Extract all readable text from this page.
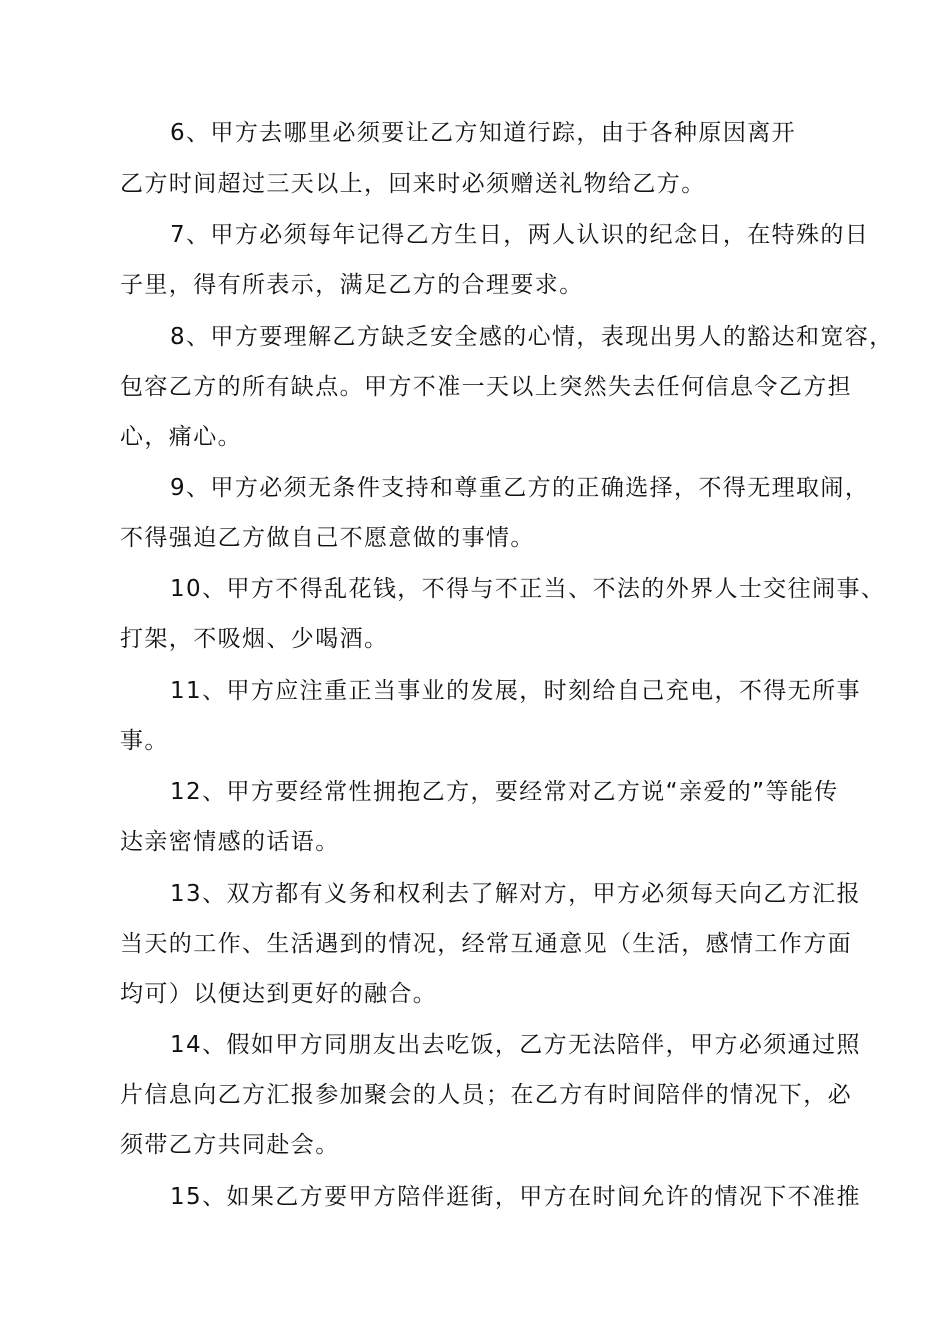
6、甲方去哪里必须要让乙方知道行踪，由于各种原因离开
乙方时间超过三天以上，回来时必须赠送礼物给乙方。
7、甲方必须每年记得乙方生日，两人认识的纪念日，在特殊的日
子里，得有所表示，满足乙方的合理要求。
8、甲方要理解乙方缺乏安全感的心情，表现出男人的豁达和宽容，
包容乙方的所有缺点。甲方不准一天以上突然失去任何信息令乙方担
心，痛心。
9、甲方必须无条件支持和尊重乙方的正确选择，不得无理取闹，
不得强迫乙方做自己不愿意做的事情。
10、甲方不得乱花钱，不得与不正当、不法的外界人士交往闹事、
打架，不吸烟、少喝酒。
11、甲方应注重正当事业的发展，时刻给自己充电，不得无所事
事。
12、甲方要经常性拥抱乙方，要经常对乙方说“亲爱的”等能传
达亲密情感的话语。
13、双方都有义务和权利去了解对方，甲方必须每天向乙方汇报
当天的工作、生活遇到的情况，经常互通意见（生活，感情工作方面
均可）以便达到更好的融合。
14、假如甲方同朋友出去吃饭，乙方无法陪伴，甲方必须通过照
片信息向乙方汇报参加聚会的人员；在乙方有时间陪伴的情况下，必
须带乙方共同赴会。
15、如果乙方要甲方陪伴逛街，甲方在时间允许的情况下不准推
